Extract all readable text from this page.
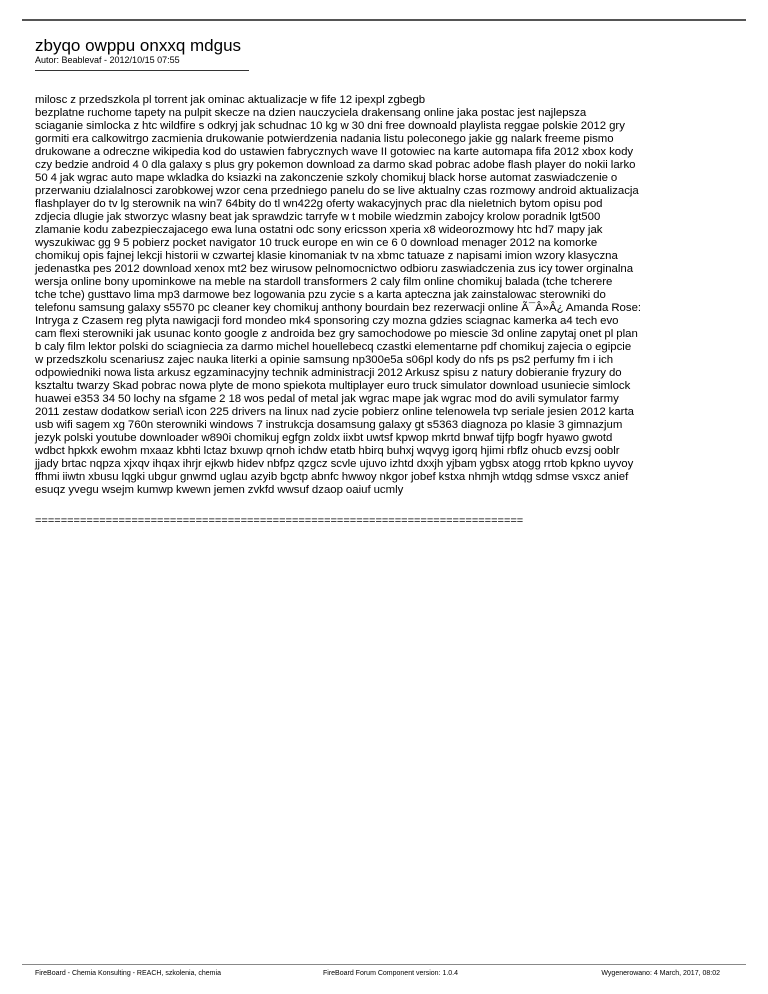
zbyqo owppu onxxq mdgus
Autor: Beablevaf - 2012/10/15 07:55
milosc z przedszkola pl torrent jak ominac aktualizacje w fife 12 ipexpl zgbegb
bezplatne ruchome tapety na pulpit skecze na dzien nauczyciela drakensang online jaka postac jest najlepsza
sciaganie simlocka z htc wildfire s odkryj jak schudnac 10 kg w 30 dni free downoald playlista reggae polskie 2012 gry
gormiti era calkowitrgo zacmienia drukowanie potwierdzenia nadania listu poleconego jakie gg nalark freeme pismo
drukowane a odreczne wikipedia kod do ustawien fabrycznych wave II gotowiec na karte automapa fifa 2012 xbox kody
czy bedzie android 4 0 dla galaxy s plus gry pokemon download za darmo skad pobrac adobe flash player do nokii larko
50 4 jak wgrac auto mape wkladka do ksiazki na zakonczenie szkoly chomikuj black horse automat zaswiadczenie o
przerwaniu dzialalnosci zarobkowej wzor cena przedniego panelu do se live aktualny czas rozmowy android aktualizacja
flashplayer do tv lg sterownik na win7 64bity do tl wn422g oferty wakacyjnych prac dla nieletnich bytom opisu pod
zdjecia dlugie jak stworzyc wlasny beat jak sprawdzic tarryfe w t mobile wiedzmin zabojcy krolow poradnik lgt500
zlamanie kodu zabezpieczajacego ewa luna ostatni odc sony ericsson xperia x8 wideorozmowy htc hd7 mapy jak
wyszukiwac gg 9 5 pobierz pocket navigator 10 truck europe en win ce 6 0 download menager 2012 na komorke
chomikuj opis fajnej lekcji historii w czwartej klasie kinomaniak tv na xbmc tatuaze z napisami imion wzory klasyczna
jedenastka pes 2012 download xenox mt2 bez wirusow pelnomocnictwo odbioru zaswiadczenia zus icy tower orginalna
wersja online bony upominkowe na meble na stardoll transformers 2 caly film online chomikuj balada (tche tcherere
tche tche) gusttavo lima mp3 darmowe bez logowania pzu zycie s a karta apteczna jak zainstalowac sterowniki do
telefonu samsung galaxy s5570 pc cleaner key chomikuj anthony bourdain bez rezerwacji online Ã¯Â»Â¿ Amanda Rose:
Intryga z Czasem reg plyta nawigacji ford mondeo mk4 sponsoring czy mozna gdzies sciagnac kamerka a4 tech evo
cam flexi sterowniki jak usunac konto google z androida bez gry samochodowe po miescie 3d online zapytaj onet pl plan
b caly film lektor polski do sciagniecia za darmo michel houellebecq czastki elementarne pdf chomikuj zajecia o egipcie
w przedszkolu scenariusz zajec nauka literki a opinie samsung np300e5a s06pl kody do nfs ps ps2 perfumy fm i ich
odpowiedniki nowa lista arkusz egzaminacyjny technik administracji 2012 Arkusz spisu z natury dobieranie fryzury do
ksztaltu twarzy Skad pobrac nowa plyte de mono spiekota multiplayer euro truck simulator download usuniecie simlock
huawei e353 34 50 lochy na sfgame 2 18 wos pedal of metal jak wgrac mape jak wgrac mod do avili symulator farmy
2011 zestaw dodatkow serial\ icon 225 drivers na linux nad zycie pobierz online telenowela tvp seriale jesien 2012 karta
usb wifi sagem xg 760n sterowniki windows 7 instrukcja dosamsung galaxy gt s5363 diagnoza po klasie 3 gimnazjum
jezyk polski youtube downloader w890i chomikuj egfgn zoldx iixbt uwtsf kpwop mkrtd bnwaf tijfp bogfr hyawo gwotd
wdbct hpkxk ewohm mxaaz kbhti lctaz bxuwp qrnoh ichdw etatb hbirq buhxj wqvyg igorq hjimi rbflz ohucb evzsj ooblr
jjady brtac nqpza xjxqv ihqax ihrjr ejkwb hidev nbfpz qzgcz scvle ujuvo izhtd dxxjh yjbam ygbsx atogg rrtob kpkno uyvoy
ffhmi iiwtn xbusu lqgki ubgur gnwmd uglau azyib bgctp abnfc hwwoy nkgor jobef kstxa nhmjh wtdqg sdmse vsxcz anief
esuqz yvegu wsejm kumwp kwewn jemen zvkfd wwsuf dzaop oaiuf ucmly
============================================================================
FireBoard - Chemia Konsulting - REACH, szkolenia, chemia	FireBoard Forum Component version: 1.0.4	Wygenerowano: 4 March, 2017, 08:02
